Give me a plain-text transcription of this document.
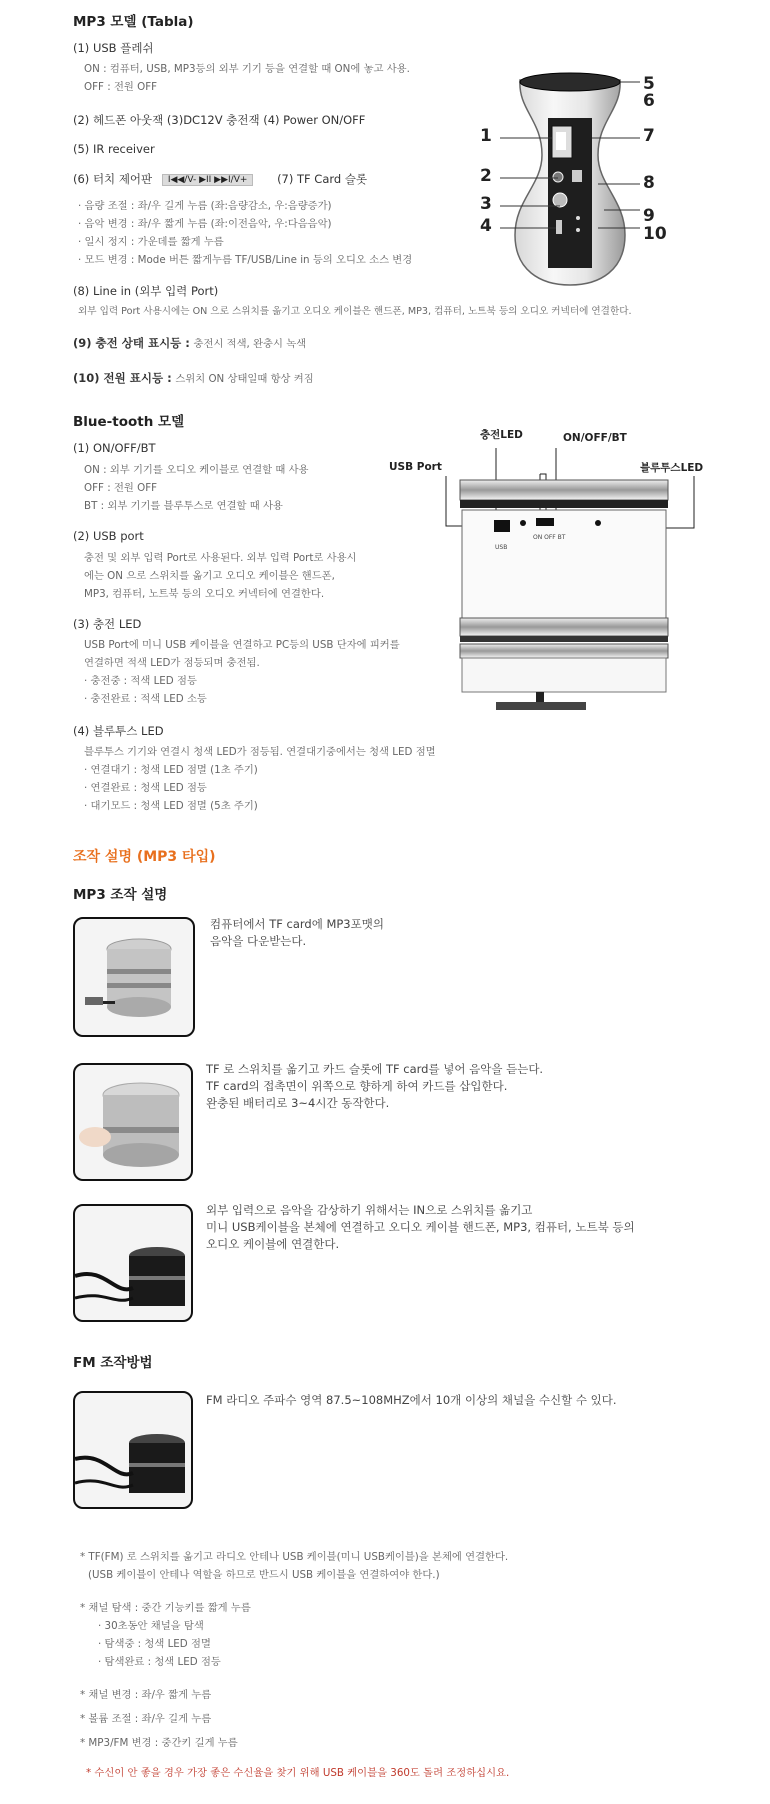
MP3 모델 (Tabla)
(1) USB 플레쉬
ON : 컴퓨터, USB, MP3등의 외부 기기 등을 연결할 때 ON에 놓고 사용.
OFF : 전원 OFF
(2) 헤드폰 아웃잭 (3)DC12V 충전잭 (4) Power ON/OFF
(5) IR receiver
(6) 터치 제어판 I◀◀/V- ▶II ▶▶I/V+	(7) TF Card 슬롯
· 음량 조절 : 좌/우 길게 누름 (좌:음량감소, 우:음량증가)
· 음악 변경 : 좌/우 짧게 누름 (좌:이전음악, 우:다음음악)
· 일시 정지 : 가운데를 짧게 누름
· 모드 변경 : Mode 버튼 짧게누름 TF/USB/Line in 등의 오디오 소스 변경
(8) Line in (외부 입력 Port)
외부 입력 Port 사용시에는 ON 으로 스위치를 옮기고 오디오 케이블은 핸드폰, MP3, 컴퓨터, 노트북 등의 오디오 커넥터에 연결한다.
(9) 충전 상태 표시등 : 충전시 적색, 완충시 녹색
(10) 전원 표시등 : 스위치 ON 상태일때 항상 켜짐
1
2
3
4
5
6
7
8
9
10
Blue-tooth 모델
(1) ON/OFF/BT
ON : 외부 기기를 오디오 케이블로 연결할 때 사용
OFF : 전원 OFF
BT : 외부 기기를 블루투스로 연결할 때 사용
(2) USB port
충전 및 외부 입력 Port로 사용된다. 외부 입력 Port로 사용시
에는 ON 으로 스위치를 옮기고 오디오 케이블은 핸드폰,
MP3, 컴퓨터, 노트북 등의 오디오 커넥터에 연결한다.
(3) 충전 LED
USB Port에 미니 USB 케이블을 연결하고 PC등의 USB 단자에 피커를
연결하면 적색 LED가 점등되며 충전됨.
· 충전중 : 적색 LED 점등
· 충전완료 : 적색 LED 소등
(4) 블루투스 LED
블루투스 기기와 연결시 청색 LED가 점등됨. 연결대기중에서는 청색 LED 점멸
· 연결대기 : 청색 LED 점멸 (1초 주기)
· 연결완료 : 청색 LED 점등
· 대기모드 : 청색 LED 점멸 (5초 주기)
충전LED	ON/OFF/BT
USB Port	블루투스LED
USB
ON OFF BT
조작 설명 (MP3 타입)
MP3 조작 설명
컴퓨터에서 TF card에 MP3포맷의
음악을 다운받는다.
TF 로 스위치를 옮기고 카드 슬롯에 TF card를 넣어 음악을 듣는다.
TF card의 접촉면이 위쪽으로 향하게 하여 카드를 삽입한다.
완충된 배터리로 3~4시간 동작한다.
외부 입력으로 음악을 감상하기 위해서는 IN으로 스위치를 옮기고
미니 USB케이블을 본체에 연결하고 오디오 케이블 핸드폰, MP3, 컴퓨터, 노트북 등의
오디오 케이블에 연결한다.
FM 조작방법
FM 라디오 주파수 영역 87.5~108MHZ에서 10개 이상의 채널을 수신할 수 있다.
* TF(FM) 로 스위치를 옮기고 라디오 안테나 USB 케이블(미니 USB케이블)을 본체에 연결한다.
(USB 케이블이 안테나 역할을 하므로 반드시 USB 케이블을 연결하여야 한다.)
* 채널 탐색 : 중간 기능키를 짧게 누름
· 30초동안 채널을 탐색
· 탐색중 : 청색 LED 점멸
· 탐색완료 : 청색 LED 점등
* 채널 변경 : 좌/우 짧게 누름
* 볼륨 조절 : 좌/우 길게 누름
* MP3/FM 변경 : 중간키 길게 누름
* 수신이 안 좋을 경우 가장 좋은 수신율을 찾기 위해 USB 케이블을 360도 돌려 조정하십시요.
